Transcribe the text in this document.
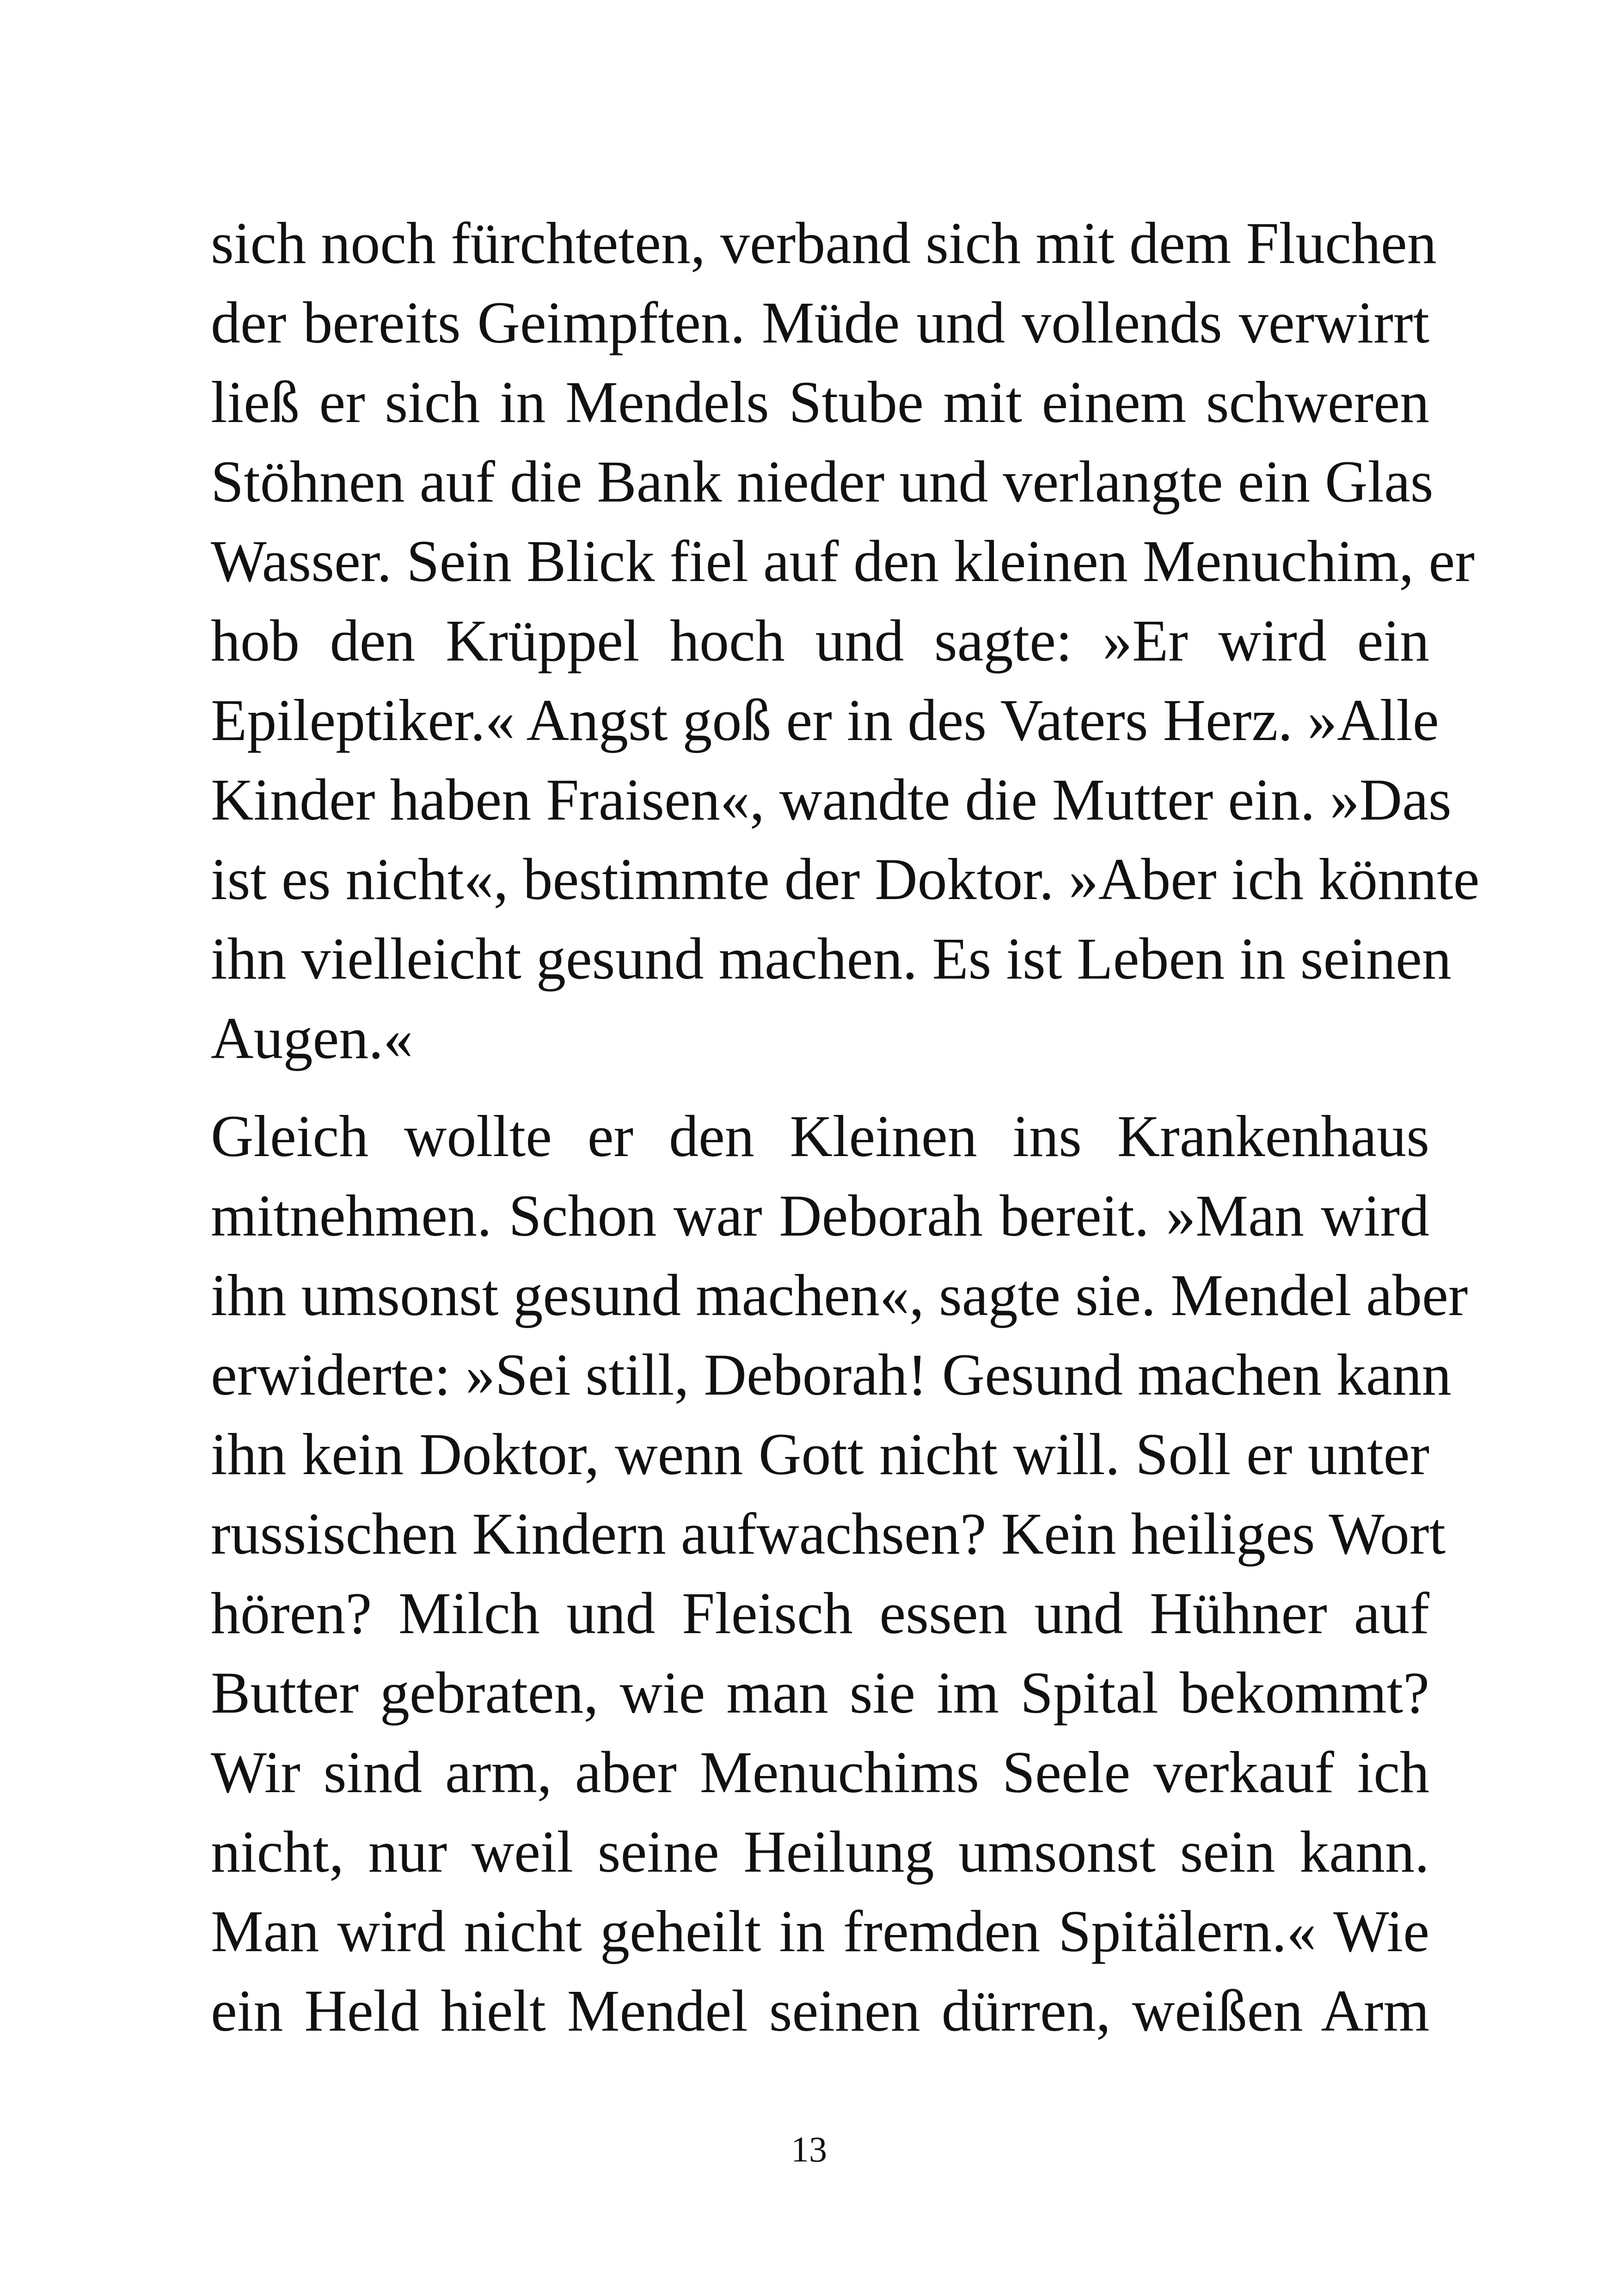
sich noch fürchteten, verband sich mit dem Fluchen
der bereits Geimpften. Müde und vollends verwirrt
ließ er sich in Mendels Stube mit einem schweren
Stöhnen auf die Bank nieder und verlangte ein Glas
Wasser. Sein Blick fiel auf den kleinen Menuchim, er
hob den Krüppel hoch und sagte: »Er wird ein
Epileptiker.« Angst goß er in des Vaters Herz. »Alle
Kinder haben Fraisen«, wandte die Mutter ein. »Das
ist es nicht«, bestimmte der Doktor. »Aber ich könnte
ihn vielleicht gesund machen. Es ist Leben in seinen
Augen.«

Gleich wollte er den Kleinen ins Krankenhaus
mitnehmen. Schon war Deborah bereit. »Man wird
ihn umsonst gesund machen«, sagte sie. Mendel aber
erwiderte: »Sei still, Deborah! Gesund machen kann
ihn kein Doktor, wenn Gott nicht will. Soll er unter
russischen Kindern aufwachsen? Kein heiliges Wort
hören? Milch und Fleisch essen und Hühner auf
Butter gebraten, wie man sie im Spital bekommt?
Wir sind arm, aber Menuchims Seele verkauf ich
nicht, nur weil seine Heilung umsonst sein kann.
Man wird nicht geheilt in fremden Spitälern.« Wie
ein Held hielt Mendel seinen dürren, weißen Arm

13
